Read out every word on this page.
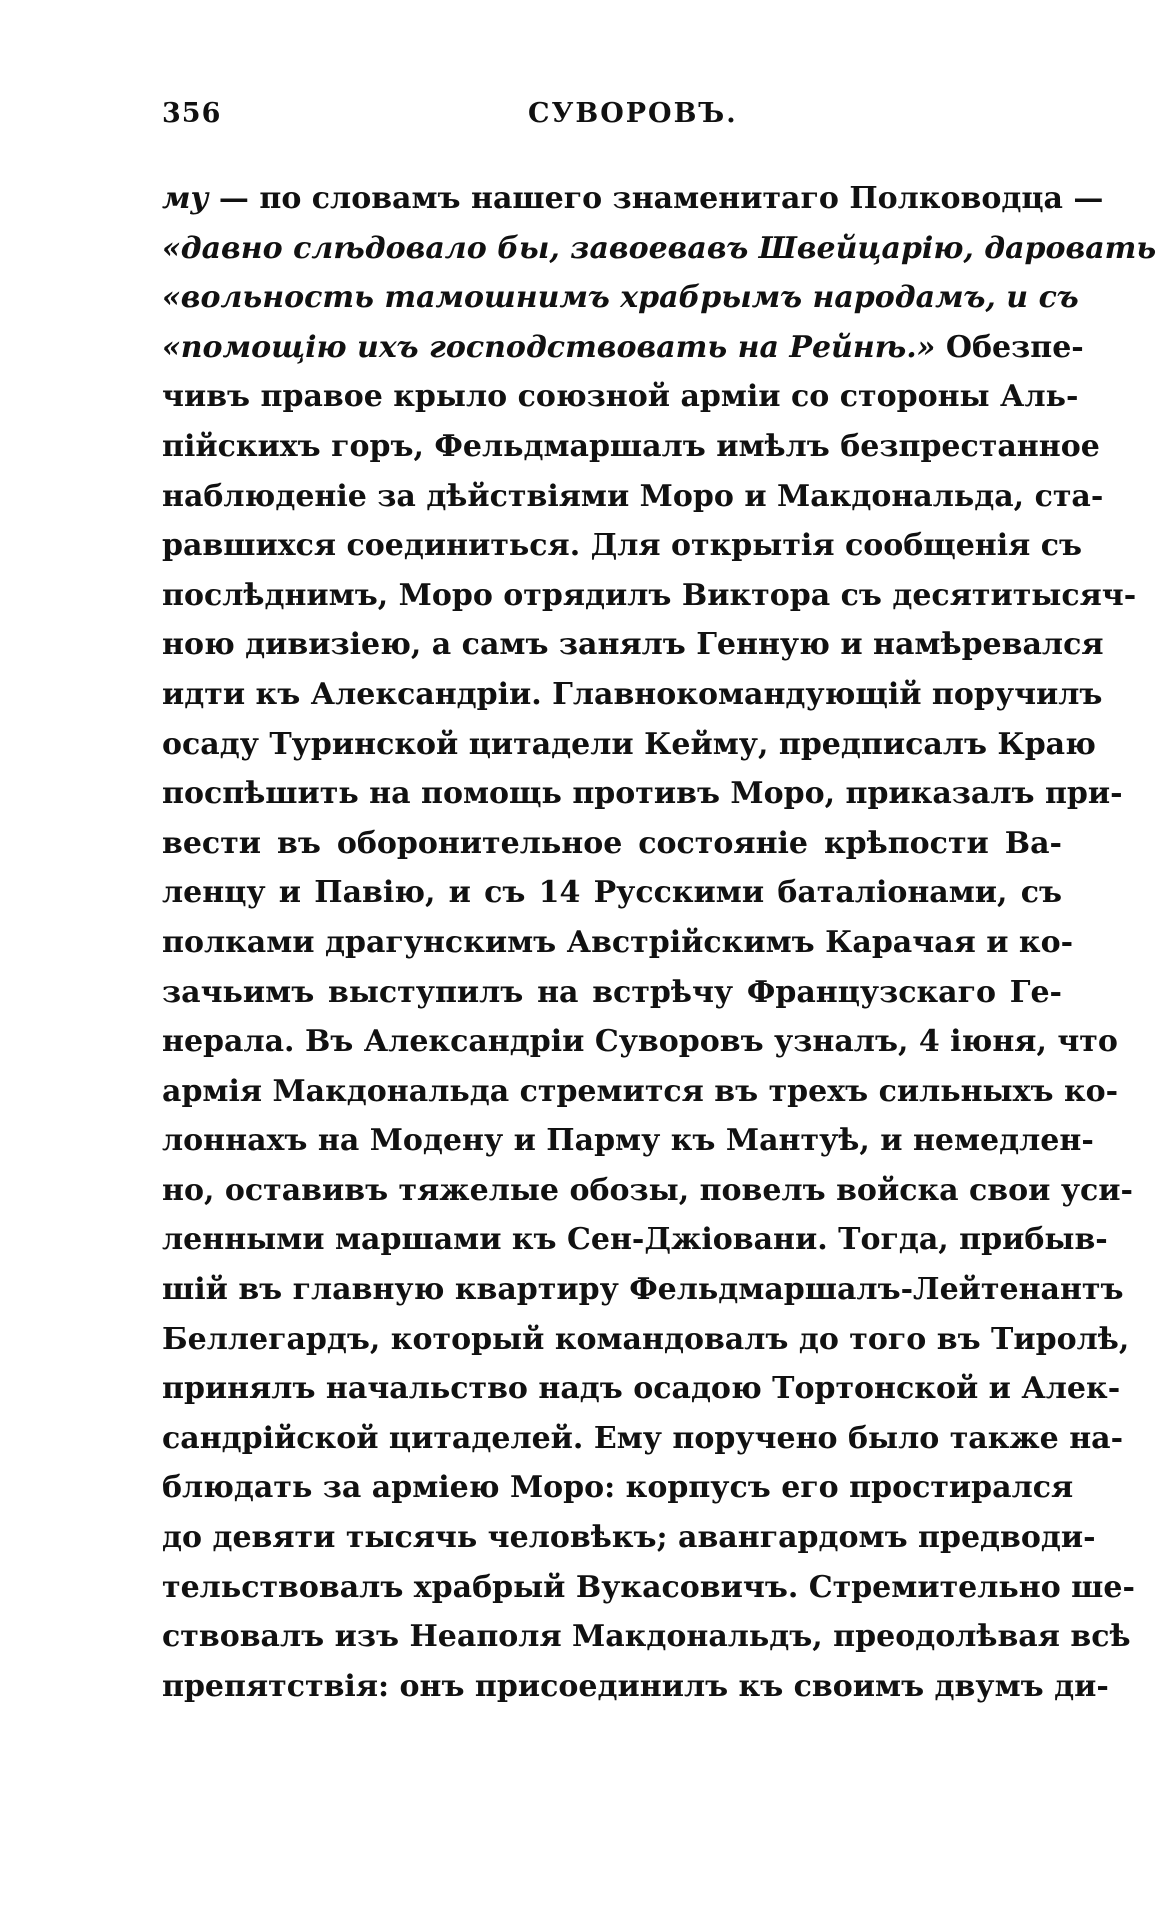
356	СУВОРОВЪ.
му — по словамъ нашего знаменитаго Полководца —
«давно слѣдовало бы, завоевавъ Швейцарію, даровать
«вольность тамошнимъ храбрымъ народамъ, и съ
«помощію ихъ господствовать на Рейнѣ.» Обезпе-
чивъ правое крыло союзной арміи со стороны Аль-
пійскихъ горъ, Фельдмаршалъ имѣлъ безпрестанное
наблюденіе за дѣйствіями Моро и Макдональда, ста-
равшихся соединиться. Для открытія сообщенія съ
послѣднимъ, Моро отрядилъ Виктора съ десятитысяч-
ною дивизіею, а самъ занялъ Генную и намѣревался
идти къ Александріи. Главнокомандующій поручилъ
осаду Туринской цитадели Кейму, предписалъ Краю
поспѣшить на помощь противъ Моро, приказалъ при-
вести въ оборонительное состояніе крѣпости Ва-
ленцу и Павію, и съ 14 Русскими баталіонами, съ
полками драгунскимъ Австрійскимъ Карачая и ко-
зачьимъ выступилъ на встрѣчу Французскаго Ге-
нерала. Въ Александріи Суворовъ узналъ, 4 іюня, что
армія Макдональда стремится въ трехъ сильныхъ ко-
лоннахъ на Модену и Парму къ Мантуѣ, и немедлен-
но, оставивъ тяжелые обозы, повелъ войска свои уси-
ленными маршами къ Сен-Джіовани. Тогда, прибыв-
шій въ главную квартиру Фельдмаршалъ-Лейтенантъ
Беллегардъ, который командовалъ до того въ Тиролѣ,
принялъ начальство надъ осадою Тортонской и Алек-
сандрійской цитаделей. Ему поручено было также на-
блюдать за арміею Моро: корпусъ его простирался
до девяти тысячь человѣкъ; авангардомъ предводи-
тельствовалъ храбрый Вукасовичъ. Стремительно ше-
ствовалъ изъ Неаполя Макдональдъ, преодолѣвая всѣ
препятствія: онъ присоединилъ къ своимъ двумъ ди-
